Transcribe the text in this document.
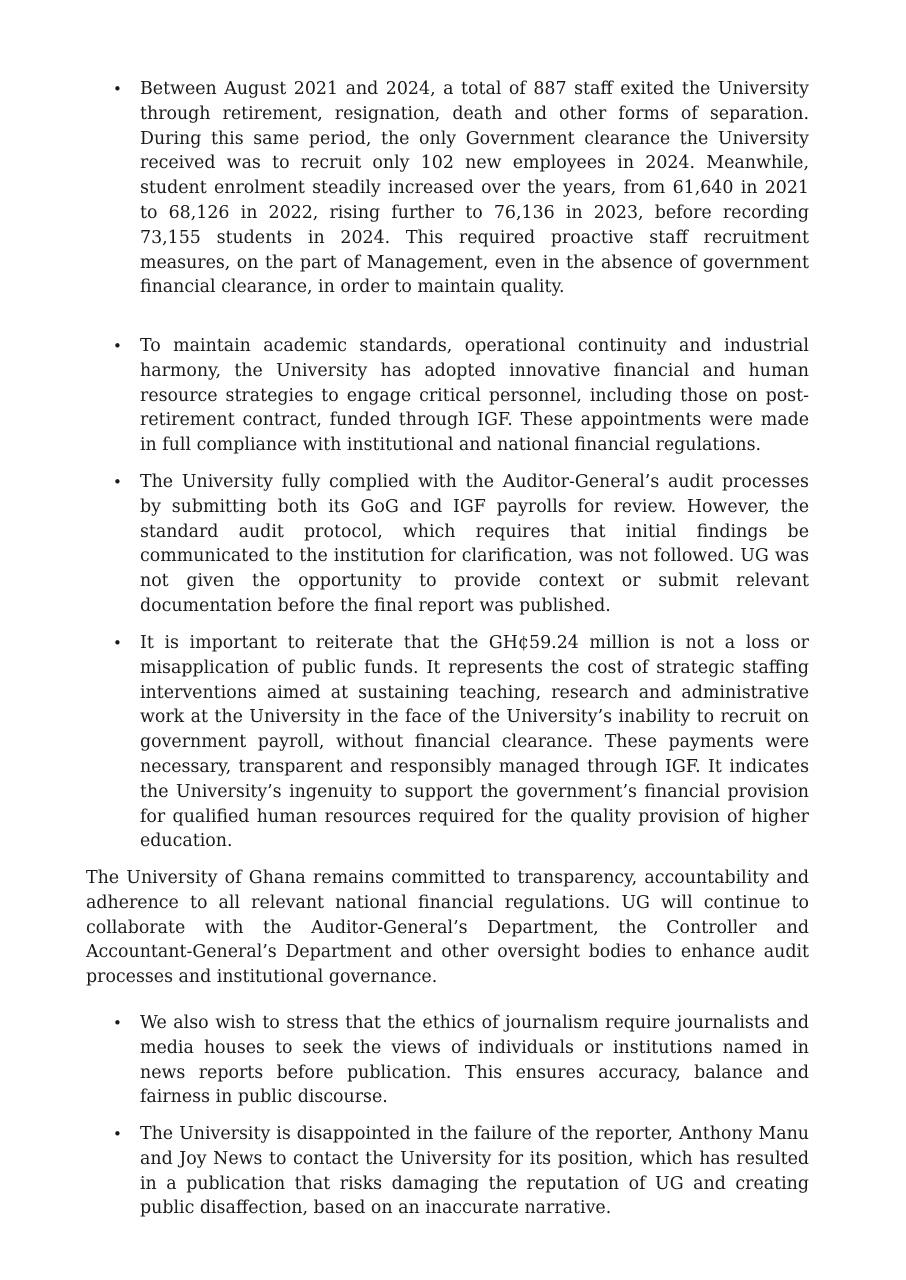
• Between August 2021 and 2024, a total of 887 staff exited the University through retirement, resignation, death and other forms of separation. During this same period, the only Government clearance the University received was to recruit only 102 new employees in 2024. Meanwhile, student enrolment steadily increased over the years, from 61,640 in 2021 to 68,126 in 2022, rising further to 76,136 in 2023, before recording 73,155 students in 2024. This required proactive staff recruitment measures, on the part of Management, even in the absence of government financial clearance, in order to maintain quality.

• To maintain academic standards, operational continuity and industrial harmony, the University has adopted innovative financial and human resource strategies to engage critical personnel, including those on post-retirement contract, funded through IGF. These appointments were made in full compliance with institutional and national financial regulations.

• The University fully complied with the Auditor-General’s audit processes by submitting both its GoG and IGF payrolls for review. However, the standard audit protocol, which requires that initial findings be communicated to the institution for clarification, was not followed. UG was not given the opportunity to provide context or submit relevant documentation before the final report was published.

• It is important to reiterate that the GH¢59.24 million is not a loss or misapplication of public funds. It represents the cost of strategic staffing interventions aimed at sustaining teaching, research and administrative work at the University in the face of the University’s inability to recruit on government payroll, without financial clearance. These payments were necessary, transparent and responsibly managed through IGF. It indicates the University’s ingenuity to support the government’s financial provision for qualified human resources required for the quality provision of higher education.

The University of Ghana remains committed to transparency, accountability and adherence to all relevant national financial regulations. UG will continue to collaborate with the Auditor-General’s Department, the Controller and Accountant-General’s Department and other oversight bodies to enhance audit processes and institutional governance.

• We also wish to stress that the ethics of journalism require journalists and media houses to seek the views of individuals or institutions named in news reports before publication. This ensures accuracy, balance and fairness in public discourse.

• The University is disappointed in the failure of the reporter, Anthony Manu and Joy News to contact the University for its position, which has resulted in a publication that risks damaging the reputation of UG and creating public disaffection, based on an inaccurate narrative.
